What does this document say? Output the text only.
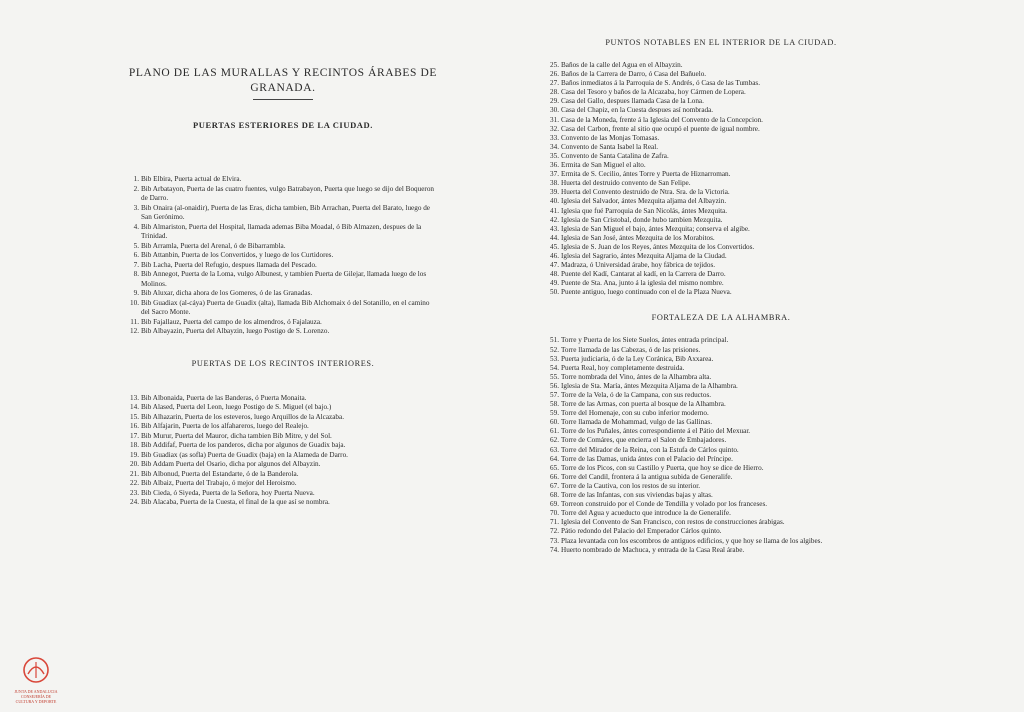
PLANO DE LAS MURALLAS Y RECINTOS ÁRABES DE GRANADA.
PUERTAS ESTERIORES DE LA CIUDAD.
1. Bib Elbira, Puerta actual de Elvira.
2. Bib Arbatayon, Puerta de las cuatro fuentes, vulgo Batrabayon, Puerta que luego se dijo del Boqueron de Darro.
3. Bib Onaira (al-onaidir), Puerta de las Eras, dicha tambien, Bib Arrachan, Puerta del Barato, luego de San Gerónimo.
4. Bib Almariston, Puerta del Hospital, llamada ademas Biba Moadal, ó Bib Almazen, despues de la Trinidad.
5. Bib Arramla, Puerta del Arenal, ó de Bibarrambla.
6. Bib Attanbin, Puerta de los Convertidos, y luego de los Curtidores.
7. Bib Lacha, Puerta del Refugio, despues llamada del Pescado.
8. Bib Annegot, Puerta de la Loma, vulgo Albunest, y tambien Puerta de Gilejar, llamada luego de los Molinos.
9. Bib Aluxar, dicha ahora de los Gomeres, ó de las Granadas.
10. Bib Guadiax (al-cáya) Puerta de Guadix (alta), llamada Bib Alchomaix ó del Sotanillo, en el camino del Sacro Monte.
11. Bib Fajallauz, Puerta del campo de los almendros, ó Fajalauza.
12. Bib Albayazin, Puerta del Albayzin, luego Postigo de S. Lorenzo.
PUERTAS DE LOS RECINTOS INTERIORES.
13. Bib Albonaida, Puerta de las Banderas, ó Puerta Monaita.
14. Bib Alased, Puerta del Leon, luego Postigo de S. Miguel (el bajo.)
15. Bib Alhazarin, Puerta de los esteveros, luego Arquillos de la Alcazaba.
16. Bib Alfajarin, Puerta de los alfahareros, luego del Realejo.
17. Bib Murur, Puerta del Mauror, dicha tambien Bib Mitre, y del Sol.
18. Bib Addifaf, Puerta de los panderos, dicha por algunos de Guadix baja.
19. Bib Guadiax (as sofla) Puerta de Guadix (baja) en la Alameda de Darro.
20. Bib Addam Puerta del Osario, dicha por algunos del Albayzin.
21. Bib Albonud, Puerta del Estandarte, ó de la Banderola.
22. Bib Albaiz, Puerta del Trabajo, ó mejor del Heroismo.
23. Bib Cieda, ó Siyeda, Puerta de la Señora, hoy Puerta Nueva.
24. Bib Alacaba, Puerta de la Cuesta, el final de la que así se nombra.
PUNTOS NOTABLES EN EL INTERIOR DE LA CIUDAD.
25. Baños de la calle del Agua en el Albayzin.
26. Baños de la Carrera de Darro, ó Casa del Bañuelo.
27. Baños inmediatos á la Parroquia de S. Andrés, ó Casa de las Tumbas.
28. Casa del Tesoro y baños de la Alcazaba, hoy Cármen de Lopera.
29. Casa del Gallo, despues llamada Casa de la Lona.
30. Casa del Chapiz, en la Cuesta despues así nombrada.
31. Casa de la Moneda, frente á la Iglesia del Convento de la Concepcion.
32. Casa del Carbon, frente al sitio que ocupó el puente de igual nombre.
33. Convento de las Monjas Tomasas.
34. Convento de Santa Isabel la Real.
35. Convento de Santa Catalina de Zafra.
36. Ermita de San Miguel el alto.
37. Ermita de S. Cecilio, ántes Torre y Puerta de Hiznarroman.
38. Huerta del destruido convento de San Felipe.
39. Huerta del Convento destruido de Ntra. Sra. de la Victoria.
40. Iglesia del Salvador, ántes Mezquita aljama del Albayzin.
41. Iglesia que fué Parroquia de San Nicolás, ántes Mezquita.
42. Iglesia de San Cristobal, donde hubo tambien Mezquita.
43. Iglesia de San Miguel el bajo, ántes Mezquita; conserva el algibe.
44. Iglesia de San José, ántes Mezquita de los Morabitos.
45. Iglesia de S. Juan de los Reyes, ántes Mezquita de los Convertidos.
46. Iglesia del Sagrario, ántes Mezquita Aljama de la Ciudad.
47. Madraza, ó Universidad árabe, hoy fábrica de tejidos.
48. Puente del Kadí, Cantarat al kadí, en la Carrera de Darro.
49. Puente de Sta. Ana, junto á la iglesia del mismo nombre.
50. Puente antiguo, luego continuado con el de la Plaza Nueva.
FORTALEZA DE LA ALHAMBRA.
51. Torre y Puerta de los Siete Suelos, ántes entrada principal.
52. Torre llamada de las Cabezas, ó de las prisiones.
53. Puerta judiciaria, ó de la Ley Coránica, Bib Axxarea.
54. Puerta Real, hoy completamente destruida.
55. Torre nombrada del Vino, ántes de la Alhambra alta.
56. Iglesia de Sta. María, ántes Mezquita Aljama de la Alhambra.
57. Torre de la Vela, ó de la Campana, con sus reductos.
58. Torre de las Armas, con puerta al bosque de la Alhambra.
59. Torre del Homenaje, con su cubo inferior moderno.
60. Torre llamada de Mohammad, vulgo de las Gallinas.
61. Torre de los Puñales, ántes correspondiente á el Pátio del Mexuar.
62. Torre de Comáres, que encierra el Salon de Embajadores.
63. Torre del Mirador de la Reina, con la Estufa de Cárlos quinto.
64. Torre de las Damas, unida ántes con el Palacio del Príncipe.
65. Torre de los Picos, con su Castillo y Puerta, que hoy se dice de Hierro.
66. Torre del Candil, frontera á la antigua subida de Generalife.
67. Torre de la Cautiva, con los restos de su interior.
68. Torre de las Infantas, con sus viviendas bajas y altas.
69. Torreon construido por el Conde de Tendilla y volado por los franceses.
70. Torre del Agua y acueducto que introduce la de Generalife.
71. Iglesia del Convento de San Francisco, con restos de construcciones árabigas.
72. Pátio redondo del Palacio del Emperador Cárlos quinto.
73. Plaza levantada con los escombros de antiguos edificios, y que hoy se llama de los algibes.
74. Huerto nombrado de Machuca, y entrada de la Casa Real árabe.
JUNTA DE ANDALUCIA
CONSEJERÍA DE CULTURA Y DEPORTE
